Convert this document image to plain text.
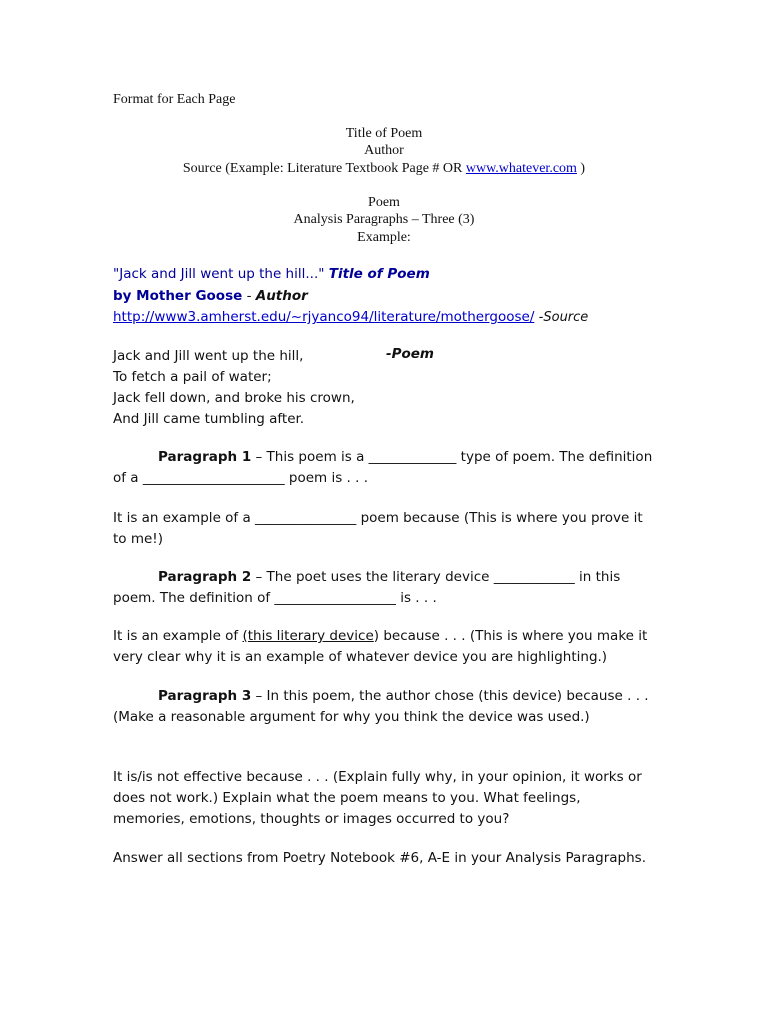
Format for Each Page
Title of Poem
Author
Source (Example: Literature Textbook Page # OR www.whatever.com )
Poem
Analysis Paragraphs – Three (3)
Example:
"Jack and Jill went up the hill..." Title of Poem
by Mother Goose - Author
http://www3.amherst.edu/~rjyanco94/literature/mothergoose/ -Source
Jack and Jill went up the hill,
To fetch a pail of water;
Jack fell down, and broke his crown,
And Jill came tumbling after.
-Poem
Paragraph 1 – This poem is a _____________ type of poem. The definition of a _____________________ poem is . . .
It is an example of a _______________ poem because (This is where you prove it to me!)
Paragraph 2 – The poet uses the literary device ____________ in this poem. The definition of __________________ is . . .
It is an example of (this literary device) because . . . (This is where you make it very clear why it is an example of whatever device you are highlighting.)
Paragraph 3 – In this poem, the author chose (this device) because . . . (Make a reasonable argument for why you think the device was used.)
It is/is not effective because . . . (Explain fully why, in your opinion, it works or does not work.) Explain what the poem means to you. What feelings, memories, emotions, thoughts or images occurred to you?
Answer all sections from Poetry Notebook #6, A-E in your Analysis Paragraphs.
